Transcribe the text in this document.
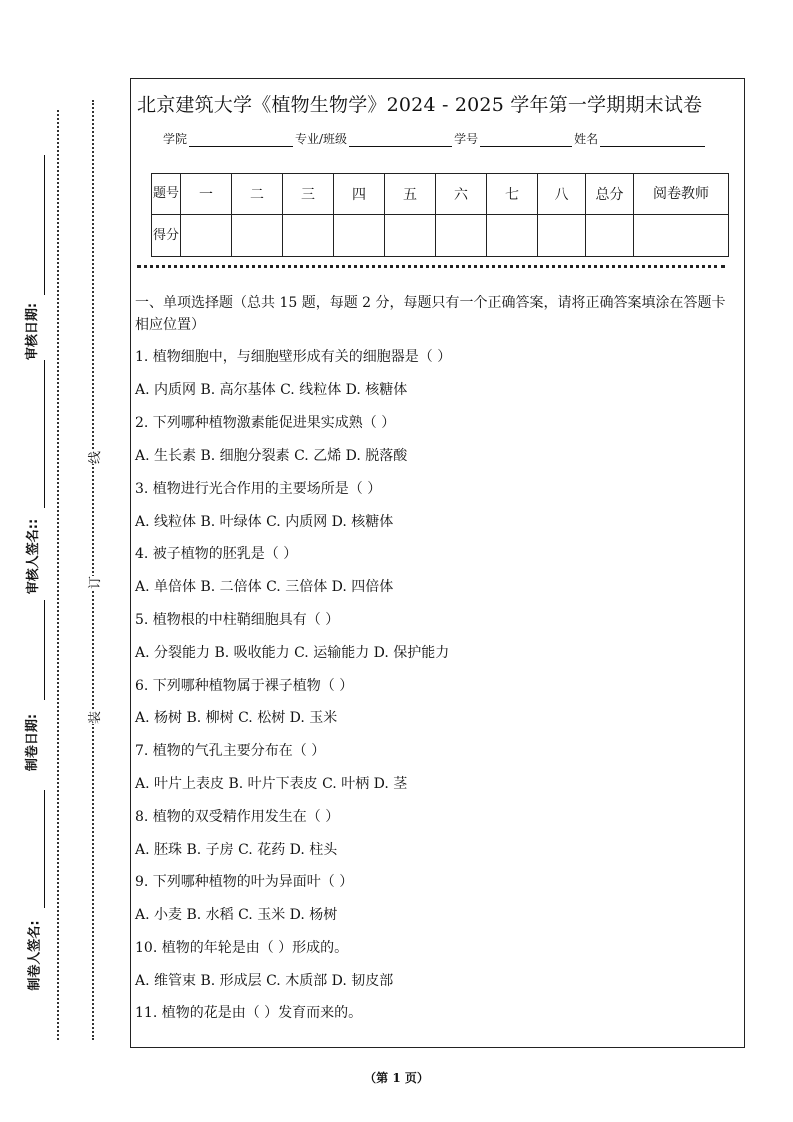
审核日期:
审核人签名::
制卷日期:
制卷人签名:
线
订
装
北京建筑大学《植物生物学》2024 - 2025 学年第一学期期末试卷
学院	专业/班级	学号	姓名
题号	一	二	三	四	五	六	七	八	总分	阅卷教师
得分										
一、单项选择题（总共 15 题，每题 2 分，每题只有一个正确答案，请将正确答案填涂在答题卡相应位置）
1. 植物细胞中，与细胞壁形成有关的细胞器是（ ）
A. 内质网 B. 高尔基体 C. 线粒体 D. 核糖体
2. 下列哪种植物激素能促进果实成熟（ ）
A. 生长素 B. 细胞分裂素 C. 乙烯 D. 脱落酸
3. 植物进行光合作用的主要场所是（ ）
A. 线粒体 B. 叶绿体 C. 内质网 D. 核糖体
4. 被子植物的胚乳是（ ）
A. 单倍体 B. 二倍体 C. 三倍体 D. 四倍体
5. 植物根的中柱鞘细胞具有（ ）
A. 分裂能力 B. 吸收能力 C. 运输能力 D. 保护能力
6. 下列哪种植物属于裸子植物（ ）
A. 杨树 B. 柳树 C. 松树 D. 玉米
7. 植物的气孔主要分布在（ ）
A. 叶片上表皮 B. 叶片下表皮 C. 叶柄 D. 茎
8. 植物的双受精作用发生在（ ）
A. 胚珠 B. 子房 C. 花药 D. 柱头
9. 下列哪种植物的叶为异面叶（ ）
A. 小麦 B. 水稻 C. 玉米 D. 杨树
10. 植物的年轮是由（ ）形成的。
A. 维管束 B. 形成层 C. 木质部 D. 韧皮部
11. 植物的花是由（ ）发育而来的。
（第 1 页）
